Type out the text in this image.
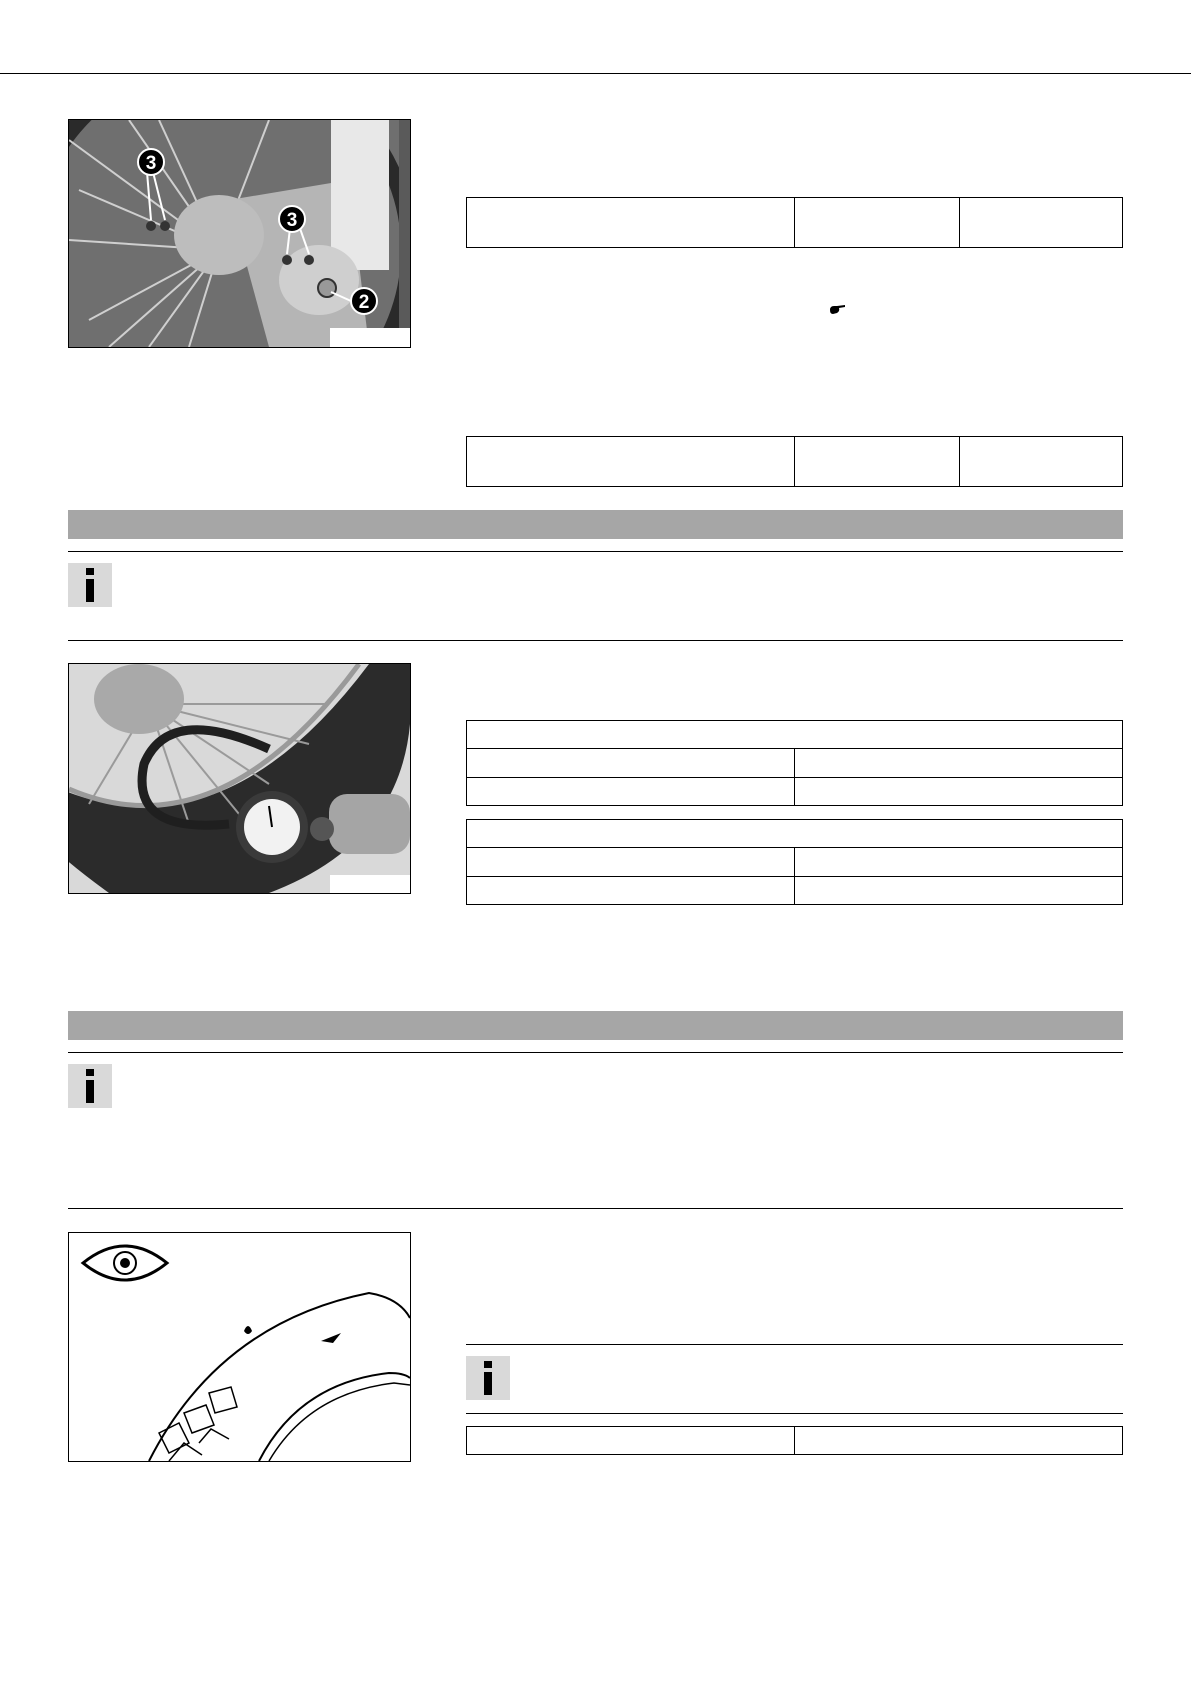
3
3
2
